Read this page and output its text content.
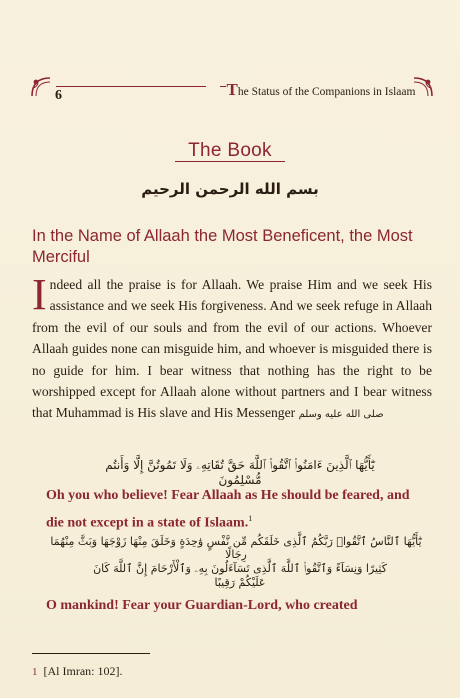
6	The Status of the Companions in Islaam
The Book
بسم الله الرحمن الرحيم
In the Name of Allaah the Most Beneficent, the Most Merciful
Indeed all the praise is for Allaah. We praise Him and we seek His assistance and we seek His forgiveness. And we seek refuge in Allaah from the evil of our souls and from the evil of our actions. Whoever Allaah guides none can misguide him, and whoever is misguided there is no guide for him. I bear witness that nothing has the right to be worshipped except for Allaah alone without partners and I bear witness that Muhammad is His slave and His Messenger صلى الله عليه وسلم
يَٰٓأَيُّهَا ٱلَّذِينَ ءَامَنُوا۟ ٱتَّقُوا۟ ٱللَّهَ حَقَّ تُقَاتِهِۦ وَلَا تَمُوتُنَّ إِلَّا وَأَنتُم مُّسْلِمُونَ
Oh you who believe! Fear Allaah as He should be feared, and die not except in a state of Islaam.$^1$
يَٰٓأَيُّهَا ٱلنَّاسُ ٱتَّقُوا۟ رَبَّكُمُ ٱلَّذِى خَلَقَكُم مِّن نَّفْسٍ وَٰحِدَةٍ وَخَلَقَ مِنْهَا زَوْجَهَا وَبَثَّ مِنْهُمَا رِجَالًا
كَثِيرًا وَنِسَآءً وَٱتَّقُوا۟ ٱللَّهَ ٱلَّذِى تَسَآءَلُونَ بِهِۦ وَٱلْأَرْحَامَ إِنَّ ٱللَّهَ كَانَ عَلَيْكُمْ رَقِيبًا
O mankind! Fear your Guardian-Lord, who created
1 [Al Imran: 102].
